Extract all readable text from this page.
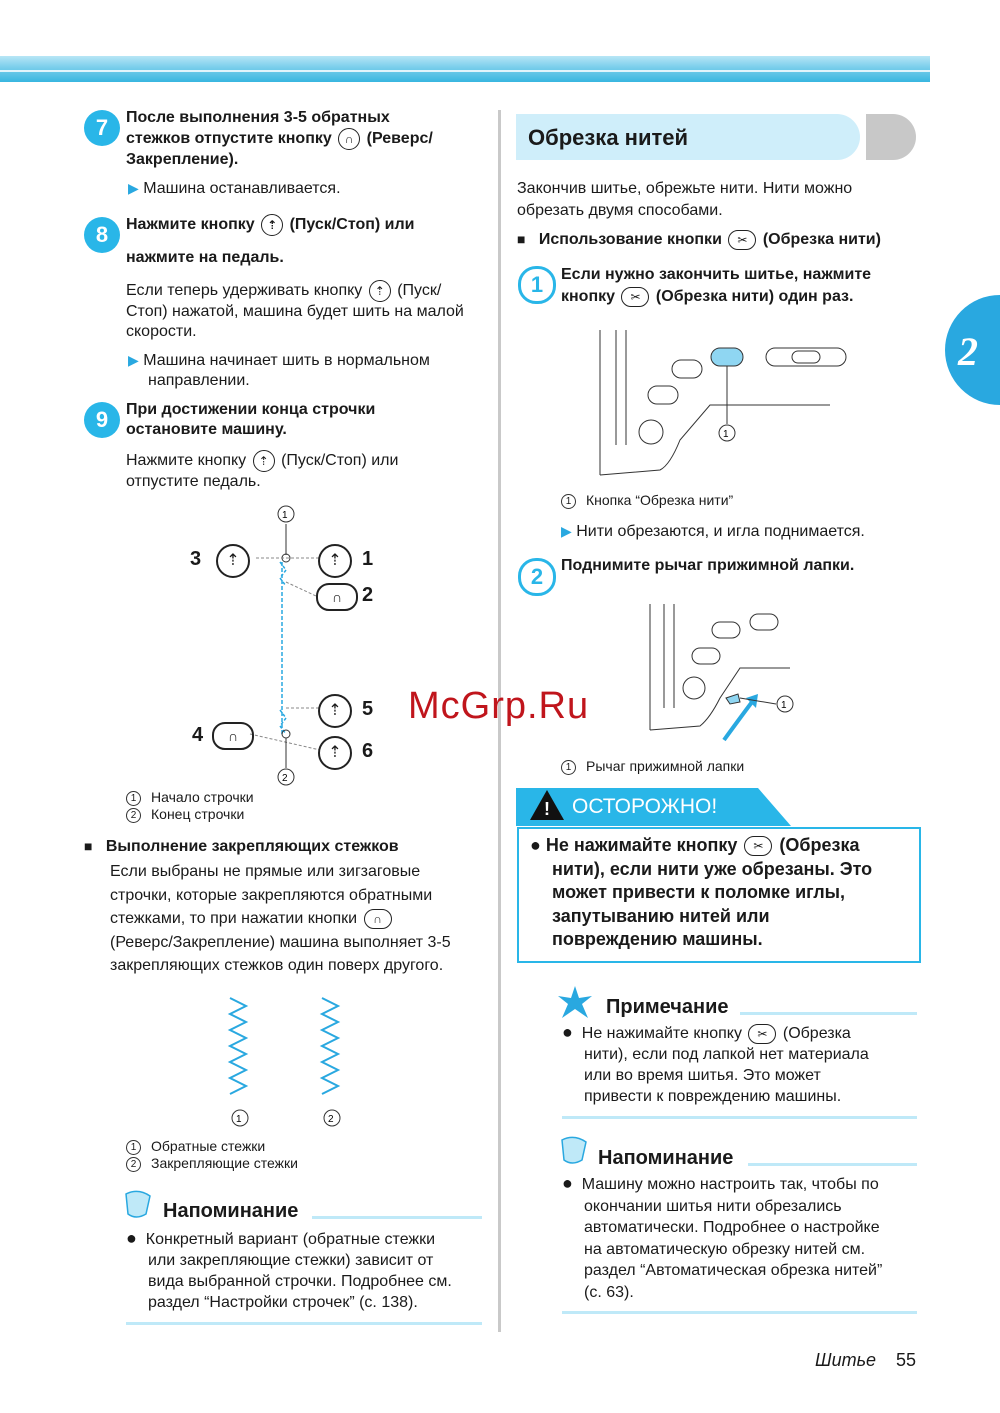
2
7	После выполнения 3-5 обратных
стежков отпустите кнопку ∩ (Реверс/
Закрепление).
▶ Машина останавливается.
8	Нажмите кнопку ⇡ (Пуск/Стоп) или
нажмите на педаль.
Если теперь удерживать кнопку ⇡ (Пуск/
Стоп) нажатой, машина будет шить на малой
скорости.
▶ Машина начинает шить в нормальном
направлении.
9	При достижении конца строчки
остановите машину.
Нажмите кнопку ⇡ (Пуск/Стоп) или
отпустите педаль.
1
2
3	⇡	⇡	1
∩ 2
⇡	5
4	∩
⇡	6
1 Начало строчки
2 Конец строчки
■ Выполнение закрепляющих стежков
Если выбраны не прямые или зигзаговые
строчки, которые закрепляются обратными
стежками, то при нажатии кнопки ∩
(Реверс/Закрепление) машина выполняет 3-5
закрепляющих стежков один поверх другого.
1	2
1 Обратные стежки
2 Закрепляющие стежки
Напоминание
● Конкретный вариант (обратные стежки
или закрепляющие стежки) зависит от
вида выбранной строчки. Подробнее см.
раздел “Настройки строчек” (с. 138).
Обрезка нитей
Закончив шитье, обрежьте нити. Нити можно
обрезать двумя способами.
■ Использование кнопки ✂ (Обрезка нити)
1	Если нужно закончить шитье, нажмите
кнопку ✂ (Обрезка нити) один раз.
1
1 Кнопка “Обрезка нити”
▶ Нити обрезаются, и игла поднимается.
2	Поднимите рычаг прижимной лапки.
1
McGrp.Ru
1 Рычаг прижимной лапки
! ОСТОРОЖНО!
● Не нажимайте кнопку ✂ (Обрезка
нити), если нити уже обрезаны. Это
может привести к поломке иглы,
запутыванию нитей или
повреждению машины.
Примечание
● Не нажимайте кнопку ✂ (Обрезка
нити), если под лапкой нет материала
или во время шитья. Это может
привести к повреждению машины.
Напоминание
● Машину можно настроить так, чтобы по
окончании шитья нити обрезались
автоматически. Подробнее о настройке
на автоматическую обрезку нитей см.
раздел “Автоматическая обрезка нитей”
(с. 63).
Шитье 55
